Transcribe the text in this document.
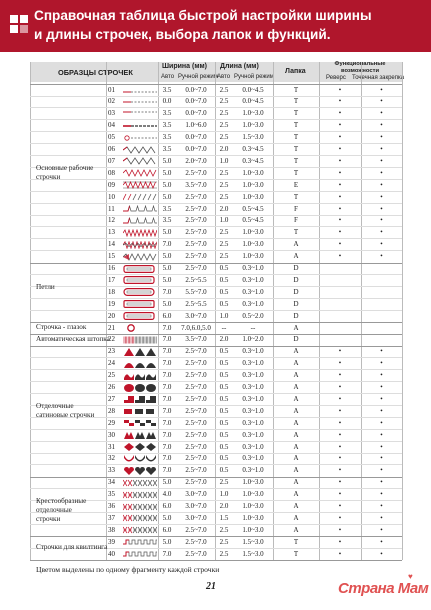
Справочная таблица быстрой настройки ширины
и длины строчек, выбора лапок и функций.
ОБРАЗЦЫ СТРОЧЕК
Ширина (мм)
Авто Ручной режим
Длина (мм)
Авто Ручной режим
Лапка
Функциональные возможности
Реверс Точечная закрепка
01	3.5	0.0~7.0	2.5	0.0~4.5	T	•	•
02	0.0	0.0~7.0	2.5	0.0~4.5	T	•	•
03	3.5	0.0~7.0	2.5	1.0~3.0	T	•	•
04	3.5	1.0~6.0	2.5	1.0~3.0	T	•	•
05	3.5	0.0~7.0	2.5	1.5~3.0	T	•	•
06	3.5	0.0~7.0	2.0	0.3~4.5	T	•	•
07	5.0	2.0~7.0	1.0	0.3~4.5	T	•	•
08	5.0	2.5~7.0	2.5	1.0~3.0	T	•	•
09	5.0	3.5~7.0	2.5	1.0~3.0	E	•	•
10	5.0	2.5~7.0	2.5	1.0~3.0	T	•	•
11	3.5	2.5~7.0	2.0	0.5~4.5	F	•	•
12	3.5	2.5~7.0	1.0	0.5~4.5	F	•	•
13	5.0	2.5~7.0	2.5	1.0~3.0	T	•	•
14	7.0	2.5~7.0	2.5	1.0~3.0	A	•	•
15	5.0	2.5~7.0	2.5	1.0~3.0	A	•	•
Основные рабочие строчки
16	5.0	2.5~7.0	0.5	0.3~1.0	D
17	5.0	2.5~5.5	0.5	0.3~1.0	D
18	7.0	5.5~7.0	0.5	0.3~1.0	D
19	5.0	2.5~5.5	0.5	0.3~1.0	D
20	6.0	3.0~7.0	1.0	0.5~2.0	D
Петли
21	7.0	7.0,6.0,5.0	--	--	A
Строчка - глазок
22	7.0	3.5~7.0	2.0	1.0~2.0	D
Автоматическая штопка
23	7.0	2.5~7.0	0.5	0.3~1.0	A	•	•
24	7.0	2.5~7.0	0.5	0.3~1.0	A	•	•
25	7.0	2.5~7.0	0.5	0.3~1.0	A	•	•
26	7.0	2.5~7.0	0.5	0.3~1.0	A	•	•
27	7.0	2.5~7.0	0.5	0.3~1.0	A	•	•
28	7.0	2.5~7.0	0.5	0.3~1.0	A	•	•
29	7.0	2.5~7.0	0.5	0.3~1.0	A	•	•
30	7.0	2.5~7.0	0.5	0.3~1.0	A	•	•
31	7.0	2.5~7.0	0.5	0.3~1.0	A	•	•
32	7.0	2.5~7.0	0.5	0.3~1.0	A	•	•
33	7.0	2.5~7.0	0.5	0.3~1.0	A	•	•
Отделочные сатиновые строчки
34	5.0	2.5~7.0	2.5	1.0~3.0	A	•	•
35	4.0	3.0~7.0	1.0	1.0~3.0	A	•	•
36	6.0	3.0~7.0	2.0	1.0~3.0	A	•	•
37	5.0	3.0~7.0	1.5	1.0~3.0	A	•	•
38	6.0	2.5~7.0	2.5	1.0~3.0	A	•	•
Крестообразные отделочные строчки
39	5.0	2.5~7.0	2.5	1.5~3.0	T	•	•
40	7.0	2.5~7.0	2.5	1.5~3.0	T	•	•
Строчки для квилтинга
Цветом выделены по одному фрагменту каждой строчки
21	Страна Мам
♥
